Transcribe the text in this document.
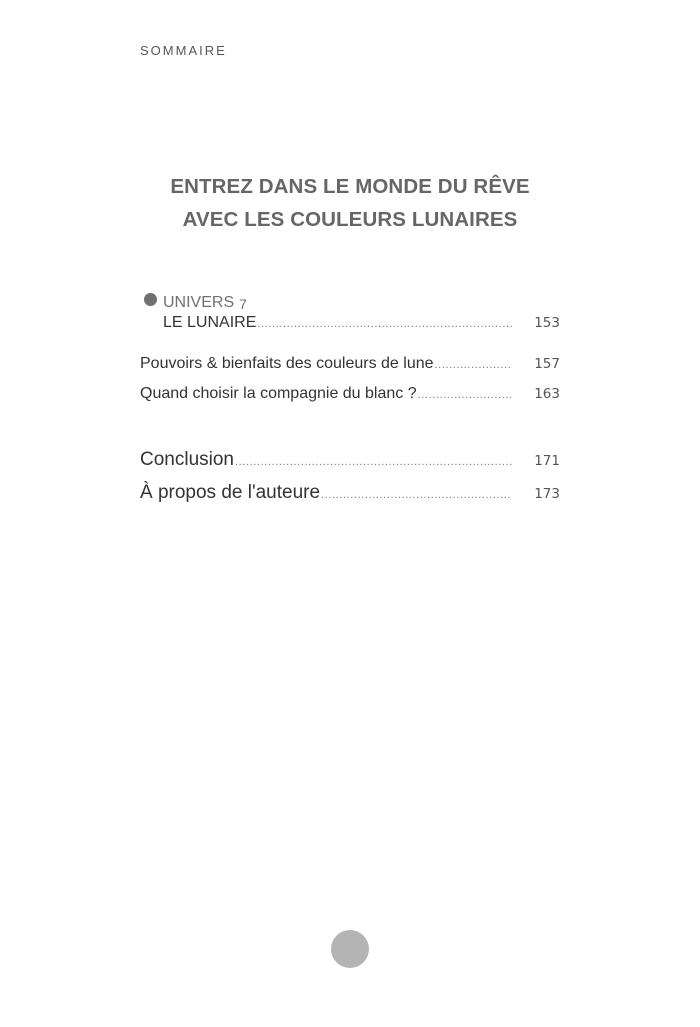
SOMMAIRE
ENTREZ DANS LE MONDE DU RÊVE
AVEC LES COULEURS LUNAIRES
UNIVERS 7
LE LUNAIRE .....	153
Pouvoirs & bienfaits des couleurs de lune .....	157
Quand choisir la compagnie du blanc ? .....	163
Conclusion .....	171
À propos de l'auteure .....	173
